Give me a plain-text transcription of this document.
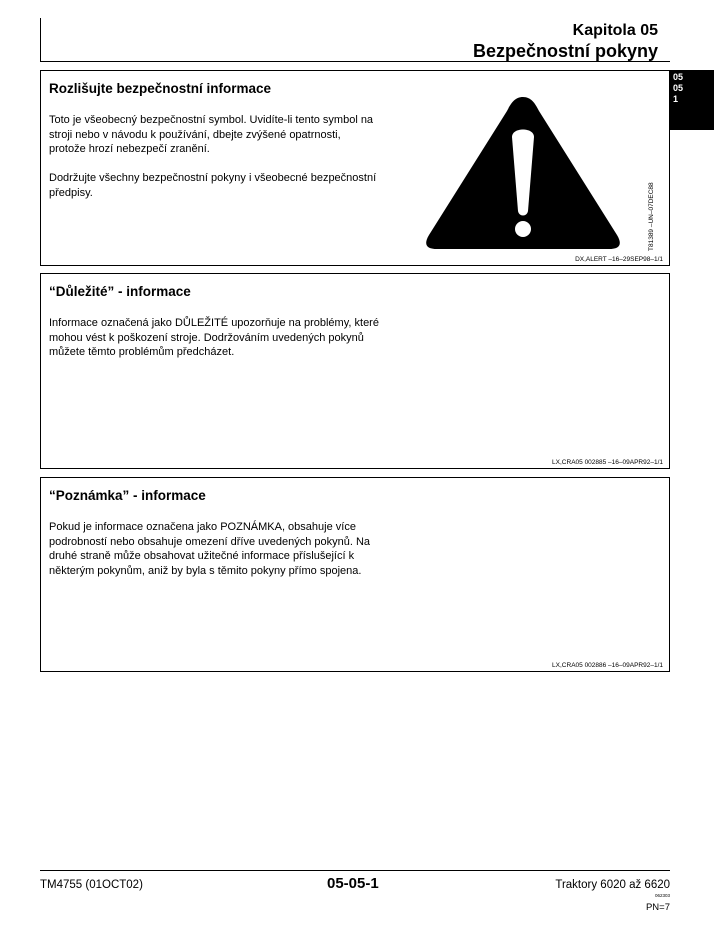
Kapitola 05
Bezpečnostní pokyny
05
05
1
Rozlišujte bezpečnostní informace

Toto je všeobecný bezpečnostní symbol. Uvidíte-li tento symbol na stroji nebo v návodu k používání, dbejte zvýšené opatrnosti, protože hrozí nebezpečí zranění.

Dodržujte všechny bezpečnostní pokyny i všeobecné bezpečnostní předpisy.	T81389 –UN–07DEC88
DX,ALERT –16–29SEP98–1/1
“Důležité” - informace

Informace označená jako DŮLEŽITÉ upozorňuje na problémy, které mohou vést k poškození stroje. Dodržováním uvedených pokynů můžete těmto problémům předcházet.

LX,CRA05 002885 –16–09APR92–1/1
“Poznámka” - informace

Pokud je informace označena jako POZNÁMKA, obsahuje více podrobností nebo obsahuje omezení dříve uvedených pokynů. Na druhé straně může obsahovat užitečné informace příslušející k některým pokynům, aniž by byla s těmito pokyny přímo spojena.

LX,CRA05 002886 –16–09APR92–1/1
TM4755 (01OCT02)	05-05-1	Traktory 6020 až 6620
062303
PN=7
